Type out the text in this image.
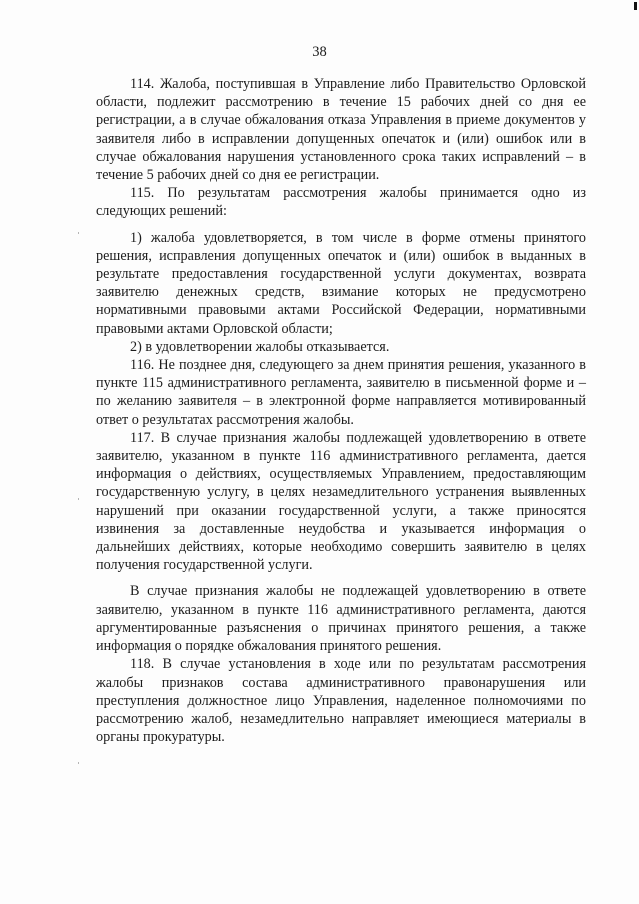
38

114. Жалоба, поступившая в Управление либо Правительство Орловской области, подлежит рассмотрению в течение 15 рабочих дней со дня ее регистрации, а в случае обжалования отказа Управления в приеме документов у заявителя либо в исправлении допущенных опечаток и (или) ошибок или в случае обжалования нарушения установленного срока таких исправлений – в течение 5 рабочих дней со дня ее регистрации.

115. По результатам рассмотрения жалобы принимается одно из следующих решений:

1) жалоба удовлетворяется, в том числе в форме отмены принятого решения, исправления допущенных опечаток и (или) ошибок в выданных в результате предоставления государственной услуги документах, возврата заявителю денежных средств, взимание которых не предусмотрено нормативными правовыми актами Российской Федерации, нормативными правовыми актами Орловской области;

2) в удовлетворении жалобы отказывается.

116. Не позднее дня, следующего за днем принятия решения, указанного в пункте 115 административного регламента, заявителю в письменной форме и – по желанию заявителя – в электронной форме направляется мотивированный ответ о результатах рассмотрения жалобы.

117. В случае признания жалобы подлежащей удовлетворению в ответе заявителю, указанном в пункте 116 административного регламента, дается информация о действиях, осуществляемых Управлением, предоставляющим государственную услугу, в целях незамедлительного устранения выявленных нарушений при оказании государственной услуги, а также приносятся извинения за доставленные неудобства и указывается информация о дальнейших действиях, которые необходимо совершить заявителю в целях получения государственной услуги.

В случае признания жалобы не подлежащей удовлетворению в ответе заявителю, указанном в пункте 116 административного регламента, даются аргументированные разъяснения о причинах принятого решения, а также информация о порядке обжалования принятого решения.

118. В случае установления в ходе или по результатам рассмотрения жалобы признаков состава административного правонарушения или преступления должностное лицо Управления, наделенное полномочиями по рассмотрению жалоб, незамедлительно направляет имеющиеся материалы в органы прокуратуры.
